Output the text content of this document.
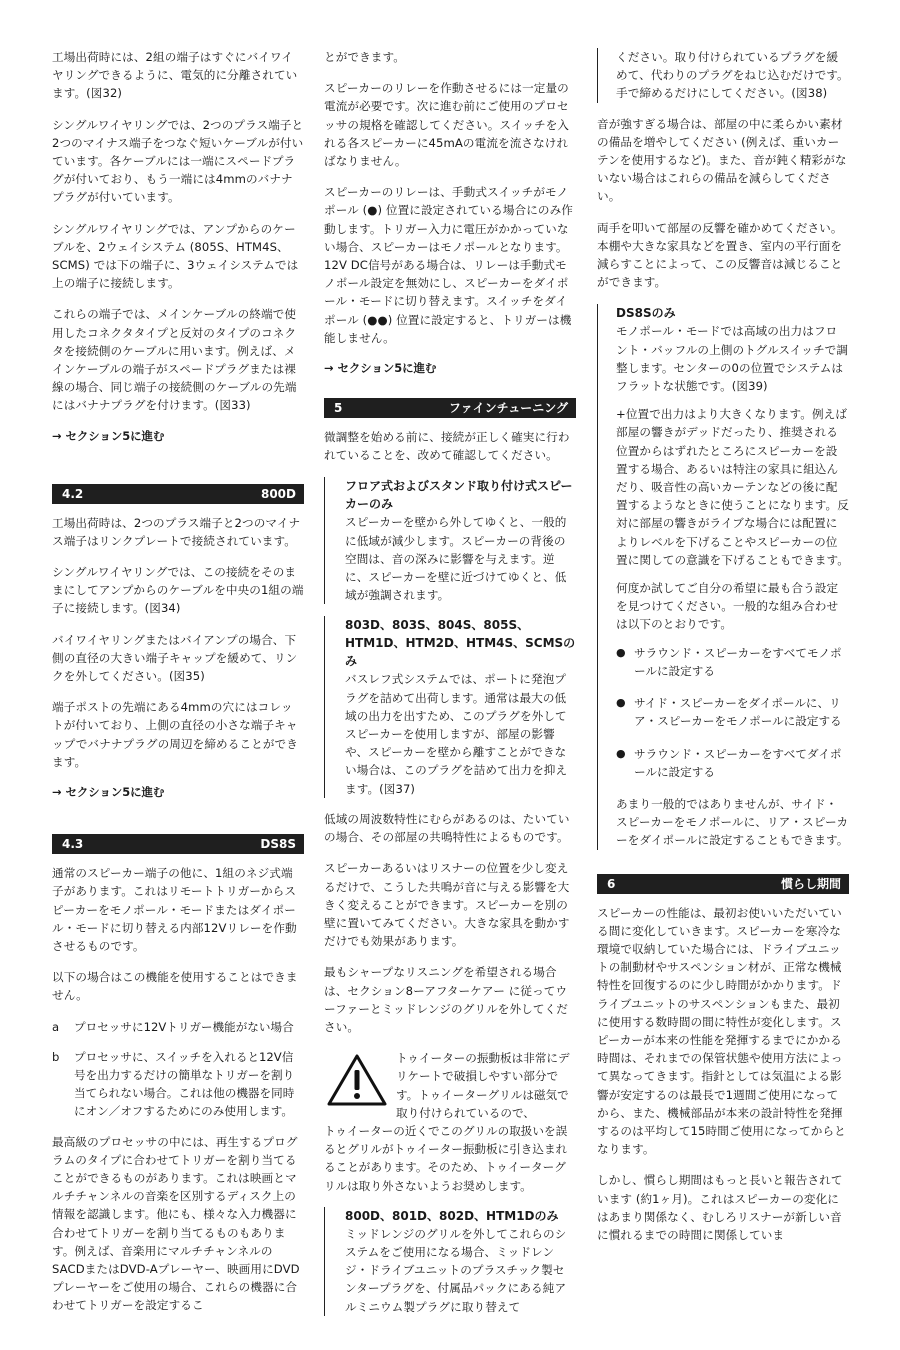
工場出荷時には、2組の端子はすぐにバイワイヤリングできるように、電気的に分離されています。(図32)

シングルワイヤリングでは、2つのプラス端子と2つのマイナス端子をつなぐ短いケーブルが付いています。各ケーブルには一端にスペードプラグが付いており、もう一端には4mmのバナナプラグが付いています。

シングルワイヤリングでは、アンプからのケーブルを、2ウェイシステム (805S、HTM4S、SCMS) では下の端子に、3ウェイシステムでは上の端子に接続します。

これらの端子では、メインケーブルの終端で使用したコネクタタイプと反対のタイプのコネクタを接続側のケーブルに用います。例えば、メインケーブルの端子がスペードプラグまたは裸線の場合、同じ端子の接続側のケーブルの先端にはバナナプラグを付けます。(図33)

→ セクション5に進む
4.2	800D

工場出荷時は、2つのプラス端子と2つのマイナス端子はリンクプレートで接続されています。

シングルワイヤリングでは、この接続をそのままにしてアンプからのケーブルを中央の1組の端子に接続します。(図34)

バイワイヤリングまたはバイアンプの場合、下側の直径の大きい端子キャップを緩めて、リンクを外してください。(図35)

端子ポストの先端にある4mmの穴にはコレットが付いており、上側の直径の小さな端子キャップでバナナプラグの周辺を締めることができます。

→ セクション5に進む
4.3	DS8S

通常のスピーカー端子の他に、1組のネジ式端子があります。これはリモートトリガーからスピーカーをモノポール・モードまたはダイポール・モードに切り替える内部12Vリレーを作動させるものです。

以下の場合はこの機能を使用することはできません。

a	プロセッサに12Vトリガー機能がない場合
b	プロセッサに、スイッチを入れると12V信号を出力するだけの簡単なトリガーを割り当てられない場合。これは他の機器を同時にオン／オフするためにのみ使用します。

最高級のプロセッサの中には、再生するプログラムのタイプに合わせてトリガーを割り当てることができるものがあります。これは映画とマルチチャンネルの音楽を区別するディスク上の情報を認識します。他にも、様々な入力機器に合わせてトリガーを割り当てるものもあります。例えば、音楽用にマルチチャンネルのSACDまたはDVD-Aプレーヤー、映画用にDVDプレーヤーをご使用の場合、これらの機器に合わせてトリガーを設定するこ

とができます。

スピーカーのリレーを作動させるには一定量の電流が必要です。次に進む前にご使用のプロセッサの規格を確認してください。スイッチを入れる各スピーカーに45mAの電流を流さなければなりません。

スピーカーのリレーは、手動式スイッチがモノポール (●) 位置に設定されている場合にのみ作動します。トリガー入力に電圧がかかっていない場合、スピーカーはモノポールとなります。12V DC信号がある場合は、リレーは手動式モノポール設定を無効にし、スピーカーをダイポール・モードに切り替えます。スイッチをダイポール (●●) 位置に設定すると、トリガーは機能しません。

→ セクション5に進む
5	ファインチューニング

微調整を始める前に、接続が正しく確実に行われていることを、改めて確認してください。

フロア式およびスタンド取り付け式スピーカーのみ

スピーカーを壁から外してゆくと、一般的に低域が減少します。スピーカーの背後の空間は、音の深みに影響を与えます。逆に、スピーカーを壁に近づけてゆくと、低域が強調されます。

803D、803S、804S、805S、HTM1D、HTM2D、HTM4S、SCMSのみ

バスレフ式システムでは、ポートに発泡プラグを詰めて出荷します。通常は最大の低域の出力を出すため、このプラグを外してスピーカーを使用しますが、部屋の影響や、スピーカーを壁から離すことができない場合は、このプラグを詰めて出力を抑えます。(図37)

低域の周波数特性にむらがあるのは、たいていの場合、その部屋の共鳴特性によるものです。

スピーカーあるいはリスナーの位置を少し変えるだけで、こうした共鳴が音に与える影響を大きく変えることができます。スピーカーを別の壁に置いてみてください。大きな家具を動かすだけでも効果があります。

最もシャープなリスニングを希望される場合は、セクション8ーアフターケアー に従ってウーファーとミッドレンジのグリルを外してください。

トゥイーターの振動板は非常にデリケートで破損しやすい部分です。トゥイーターグリルは磁気で取り付けられているので、
トゥイーターの近くでこのグリルの取扱いを誤るとグリルがトゥイーター振動板に引き込まれることがあります。そのため、トゥイーターグリルは取り外さないようお奨めします。
800D、801D、802D、HTM1Dのみ

ミッドレンジのグリルを外してこれらのシステムをご使用になる場合、ミッドレンジ・ドライブユニットのプラスチック製センタープラグを、付属品パックにある純アルミニウム製プラグに取り替えて

ください。取り付けられているプラグを緩めて、代わりのプラグをねじ込むだけです。手で締めるだけにしてください。(図38)

音が強すぎる場合は、部屋の中に柔らかい素材の備品を増やしてください (例えば、重いカーテンを使用するなど)。また、音が鈍く精彩がないない場合はこれらの備品を減らしてください。

両手を叩いて部屋の反響を確かめてください。本棚や大きな家具などを置き、室内の平行面を減らすことによって、この反響音は減じることができます。

DS8Sのみ

モノポール・モードでは高域の出力はフロント・バッフルの上側のトグルスイッチで調整します。センターの0の位置でシステムはフラットな状態です。(図39)

+位置で出力はより大きくなります。例えば部屋の響きがデッドだったり、推奨される位置からはずれたところにスピーカーを設置する場合、あるいは特注の家具に組込んだり、吸音性の高いカーテンなどの後に配置するようなときに使うことになります。反対に部屋の響きがライブな場合には配置によりレベルを下げることやスピーカーの位置に関しての意識を下げることもできます。

何度か試してご自分の希望に最も合う設定を見つけてください。一般的な組み合わせは以下のとおりです。

● サラウンド・スピーカーをすべてモノポールに設定する
● サイド・スピーカーをダイポールに、リア・スピーカーをモノポールに設定する
● サラウンド・スピーカーをすべてダイポールに設定する

あまり一般的ではありませんが、サイド・スピーカーをモノポールに、リア・スピーカーをダイポールに設定することもできます。

6	慣らし期間

スピーカーの性能は、最初お使いいただいている間に変化していきます。スピーカーを寒冷な環境で収納していた場合には、ドライブユニットの制動材やサスペンション材が、正常な機械特性を回復するのに少し時間がかかります。ドライブユニットのサスペンションもまた、最初に使用する数時間の間に特性が変化します。スピーカーが本来の性能を発揮するまでにかかる時間は、それまでの保管状態や使用方法によって異なってきます。指針としては気温による影響が安定するのは最長で1週間ご使用になってから、また、機械部品が本来の設計特性を発揮するのは平均して15時間ご使用になってからとなります。

しかし、慣らし期間はもっと長いと報告されています (約1ヶ月)。これはスピーカーの変化にはあまり関係なく、むしろリスナーが新しい音に慣れるまでの時間に関係していま
